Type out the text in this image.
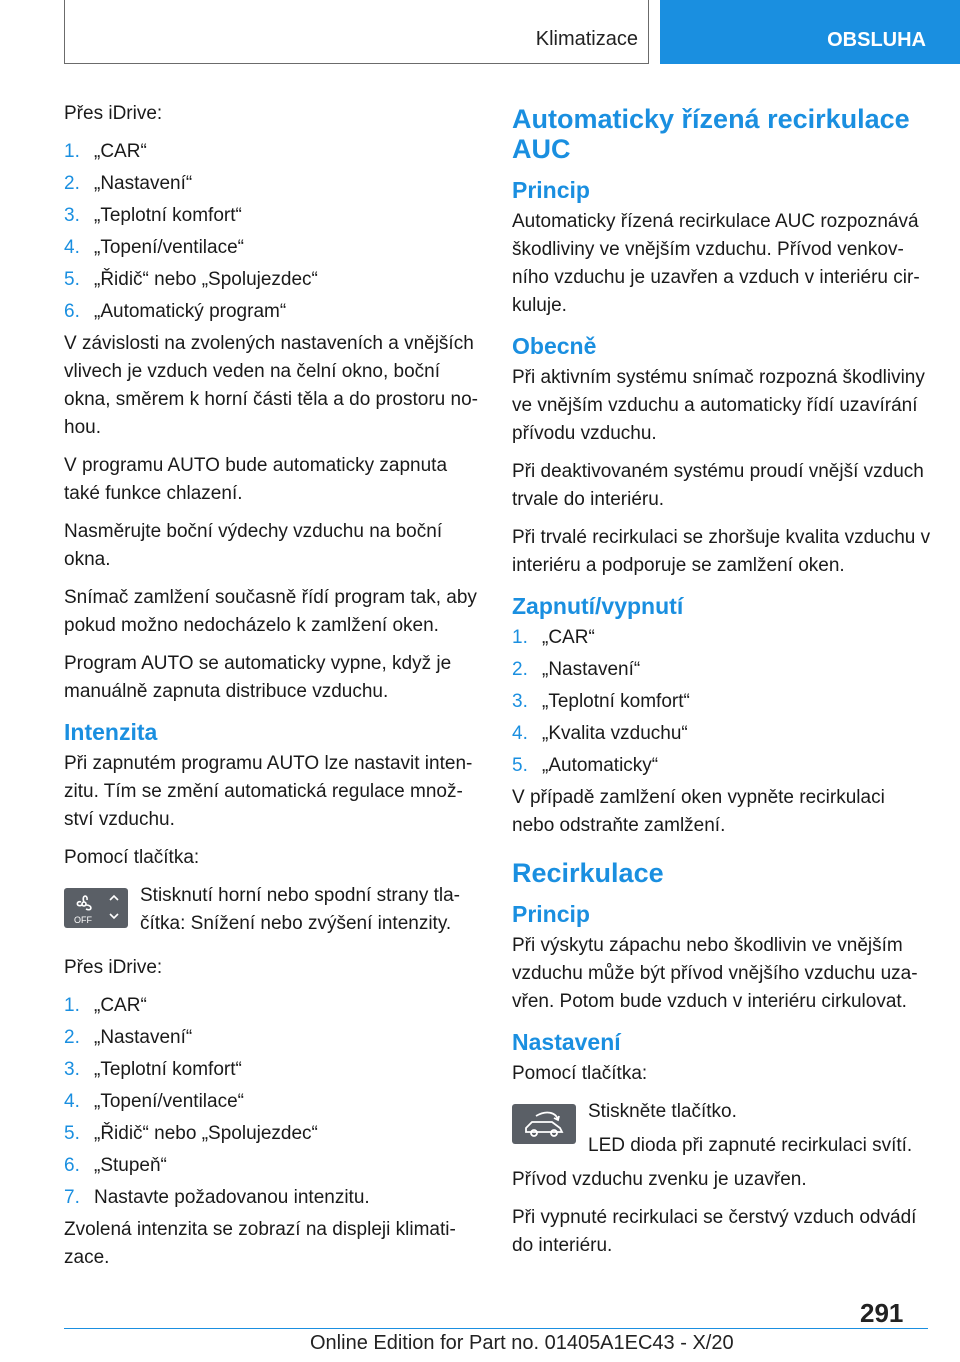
Klimatizace	OBSLUHA

Přes iDrive:

1. „CAR“
2. „Nastavení“
3. „Teplotní komfort“
4. „Topení/ventilace“
5. „Řidič“ nebo „Spolujezdec“
6. „Automatický program“

V závislosti na zvolených nastaveních a vnějších vlivech je vzduch veden na čelní okno, boční okna, směrem k horní části těla a do prostoru no-hou.

V programu AUTO bude automaticky zapnuta také funkce chlazení.

Nasměrujte boční výdechy vzduchu na boční okna.

Snímač zamlžení současně řídí program tak, aby pokud možno nedocházelo k zamlžení oken.

Program AUTO se automaticky vypne, když je manuálně zapnuta distribuce vzduchu.

Intenzita

Při zapnutém programu AUTO lze nastavit inten-zitu. Tím se změní automatická regulace množ-ství vzduchu.

Pomocí tlačítka:

OFF

Stisknutí horní nebo spodní strany tla-čítka: Snížení nebo zvýšení intenzity.

Přes iDrive:

1. „CAR“
2. „Nastavení“
3. „Teplotní komfort“
4. „Topení/ventilace“
5. „Řidič“ nebo „Spolujezdec“
6. „Stupeň“
7. Nastavte požadovanou intenzitu.

Zvolená intenzita se zobrazí na displeji klimati-zace.

Automaticky řízená recirkulace AUC
Princip

Automaticky řízená recirkulace AUC rozpoznává škodliviny ve vnějším vzduchu. Přívod venkov-ního vzduchu je uzavřen a vzduch v interiéru cir-kuluje.

Obecně

Při aktivním systému snímač rozpozná škodliviny ve vnějším vzduchu a automaticky řídí uzavírání přívodu vzduchu.

Při deaktivovaném systému proudí vnější vzduch trvale do interiéru.

Při trvalé recirkulaci se zhoršuje kvalita vzduchu v interiéru a podporuje se zamlžení oken.

Zapnutí/vypnutí
1. „CAR“
2. „Nastavení“
3. „Teplotní komfort“
4. „Kvalita vzduchu“
5. „Automaticky“

V případě zamlžení oken vypněte recirkulaci nebo odstraňte zamlžení.

Recirkulace
Princip

Při výskytu zápachu nebo škodlivin ve vnějším vzduchu může být přívod vnějšího vzduchu uza-vřen. Potom bude vzduch v interiéru cirkulovat.

Nastavení

Pomocí tlačítka:

Stiskněte tlačítko.

LED dioda při zapnuté recirkulaci svítí.

Přívod vzduchu zvenku je uzavřen.

Při vypnuté recirkulaci se čerstvý vzduch odvádí do interiéru.

291
Online Edition for Part no. 01405A1EC43 - X/20
